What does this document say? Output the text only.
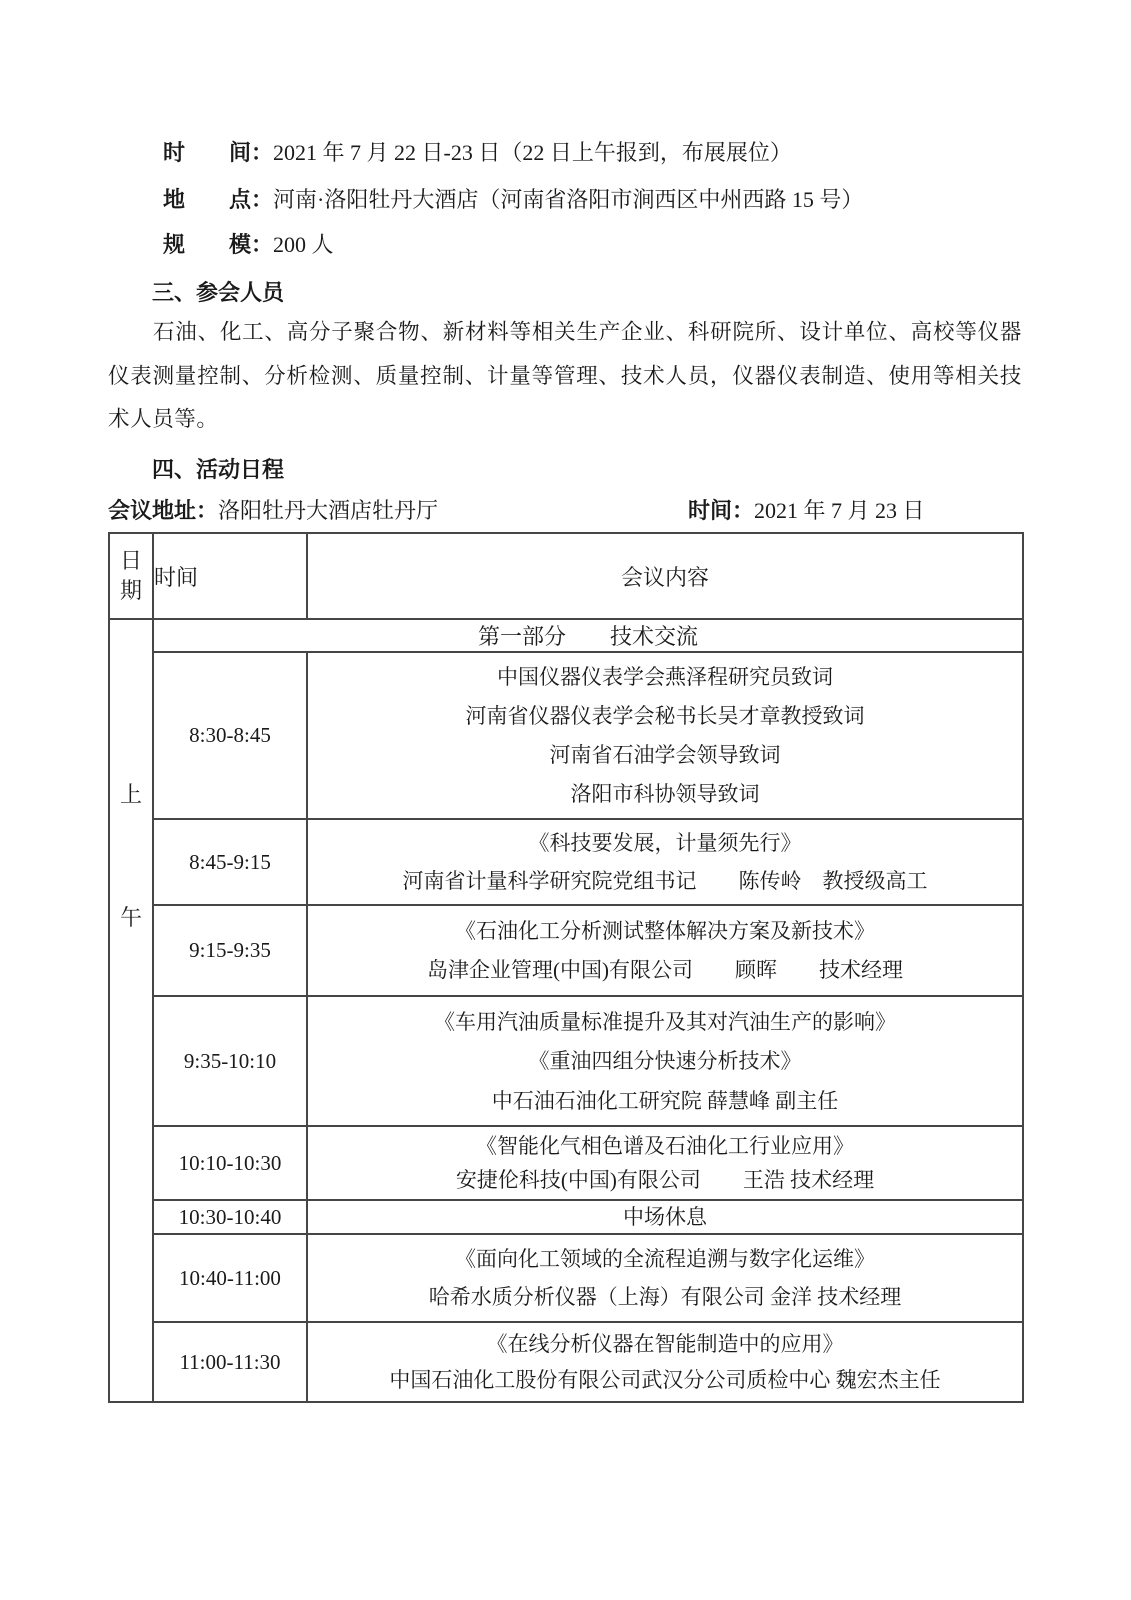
时　　间：2021 年 7 月 22 日-23 日（22 日上午报到，布展展位）
地　　点：河南·洛阳牡丹大酒店（河南省洛阳市涧西区中州西路 15 号）
规　　模：200 人
三、参会人员

石油、化工、高分子聚合物、新材料等相关生产企业、科研院所、设计单位、高校等仪器仪表测量控制、分析检测、质量控制、计量等管理、技术人员，仪器仪表制造、使用等相关技术人员等。

四、活动日程
会议地址：洛阳牡丹大酒店牡丹厅	时间：2021 年 7 月 23 日
日
期	时间	会议内容

上
午	第一部分　　技术交流	
	8:30-8:45	中国仪器仪表学会燕泽程研究员致词
河南省仪器仪表学会秘书长吴才章教授致词
河南省石油学会领导致词
洛阳市科协领导致词

	8:45-9:15	《科技要发展，计量须先行》
河南省计量科学研究院党组书记　　陈传岭　教授级高工

	9:15-9:35	《石油化工分析测试整体解决方案及新技术》
岛津企业管理(中国)有限公司　　顾晖　　技术经理

	9:35-10:10	《车用汽油质量标准提升及其对汽油生产的影响》
《重油四组分快速分析技术》
中石油石油化工研究院 薛慧峰 副主任

	10:10-10:30	《智能化气相色谱及石油化工行业应用》
安捷伦科技(中国)有限公司　　王浩 技术经理

	10:30-10:40	中场休息

	10:40-11:00	《面向化工领域的全流程追溯与数字化运维》
哈希水质分析仪器（上海）有限公司 金洋 技术经理

	11:00-11:30	《在线分析仪器在智能制造中的应用》
中国石油化工股份有限公司武汉分公司质检中心 魏宏杰主任
